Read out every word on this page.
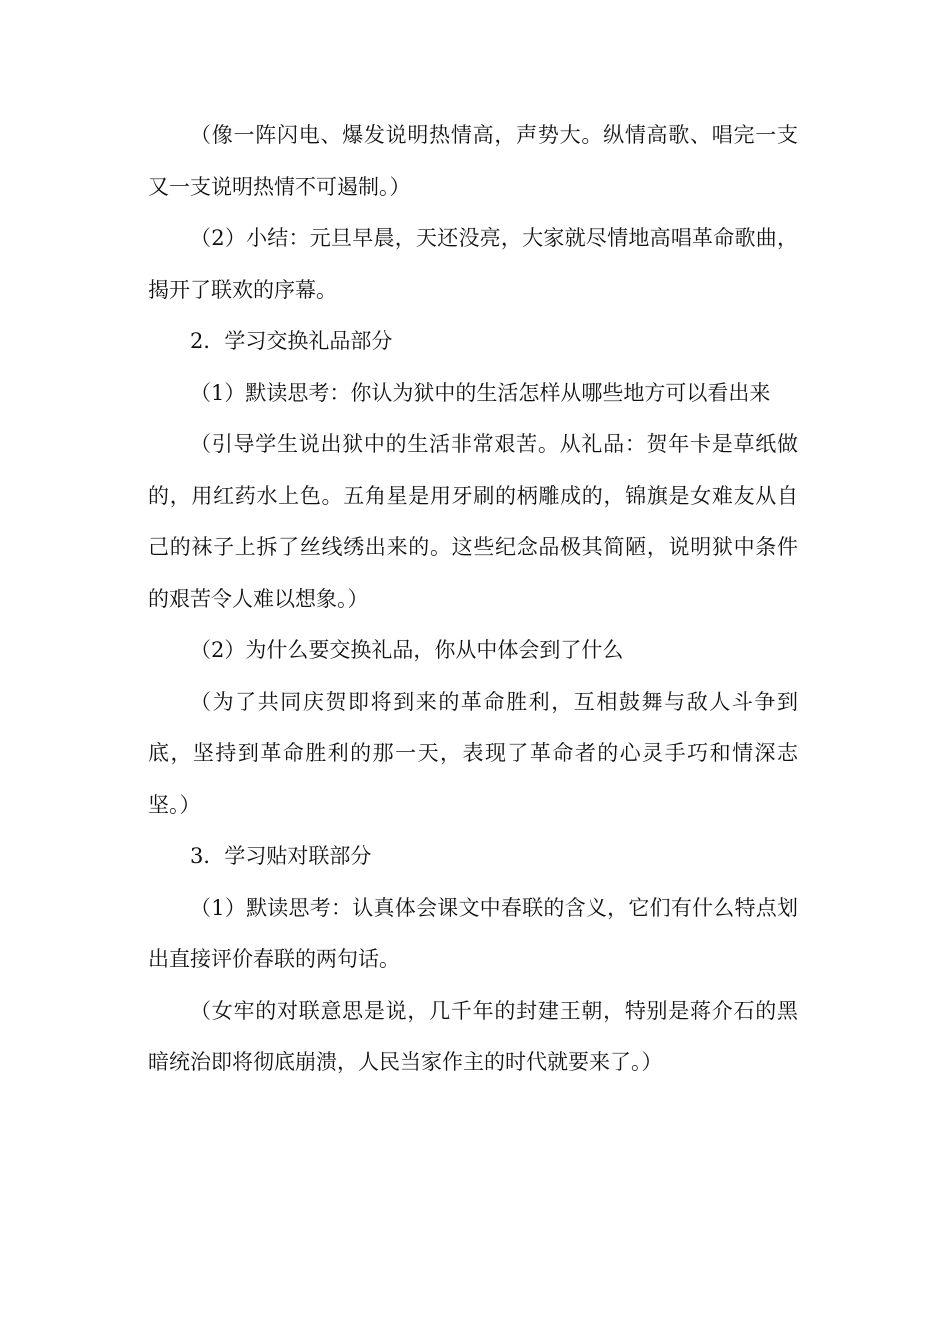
（像一阵闪电、爆发说明热情高，声势大。纵情高歌、唱完一支又一支说明热情不可遏制。）

（2）小结：元旦早晨，天还没亮，大家就尽情地高唱革命歌曲，揭开了联欢的序幕。

2．学习交换礼品部分

（1）默读思考：你认为狱中的生活怎样从哪些地方可以看出来

（引导学生说出狱中的生活非常艰苦。从礼品：贺年卡是草纸做的，用红药水上色。五角星是用牙刷的柄雕成的，锦旗是女难友从自己的袜子上拆了丝线绣出来的。这些纪念品极其简陋，说明狱中条件的艰苦令人难以想象。）

（2）为什么要交换礼品，你从中体会到了什么

（为了共同庆贺即将到来的革命胜利，互相鼓舞与敌人斗争到底，坚持到革命胜利的那一天，表现了革命者的心灵手巧和情深志坚。）

3．学习贴对联部分

（1）默读思考：认真体会课文中春联的含义，它们有什么特点划出直接评价春联的两句话。

（女牢的对联意思是说，几千年的封建王朝，特别是蒋介石的黑暗统治即将彻底崩溃，人民当家作主的时代就要来了。）
